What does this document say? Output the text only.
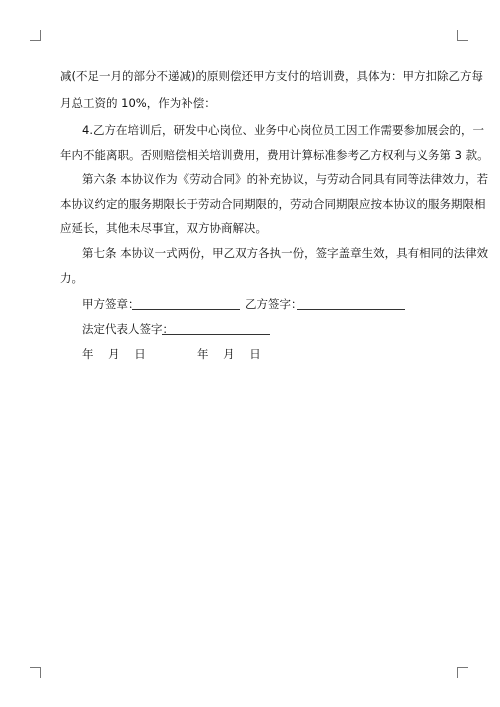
减(不足一月的部分不递减)的原则偿还甲方支付的培训费，具体为：甲方扣除乙方每
月总工资的 10%，作为补偿：
4.乙方在培训后，研发中心岗位、业务中心岗位员工因工作需要参加展会的，一
年内不能离职。否则赔偿相关培训费用，费用计算标准参考乙方权利与义务第 3 款。
第六条 本协议作为《劳动合同》的补充协议，与劳动合同具有同等法律效力，若
本协议约定的服务期限长于劳动合同期限的，劳动合同期限应按本协议的服务期限相
应延长，其他未尽事宜，双方协商解决。
第七条 本协议一式两份，甲乙双方各执一份，签字盖章生效，具有相同的法律效
力。
甲方签章：	乙方签字：
法定代表人签字：
年    月    日	年    月    日
